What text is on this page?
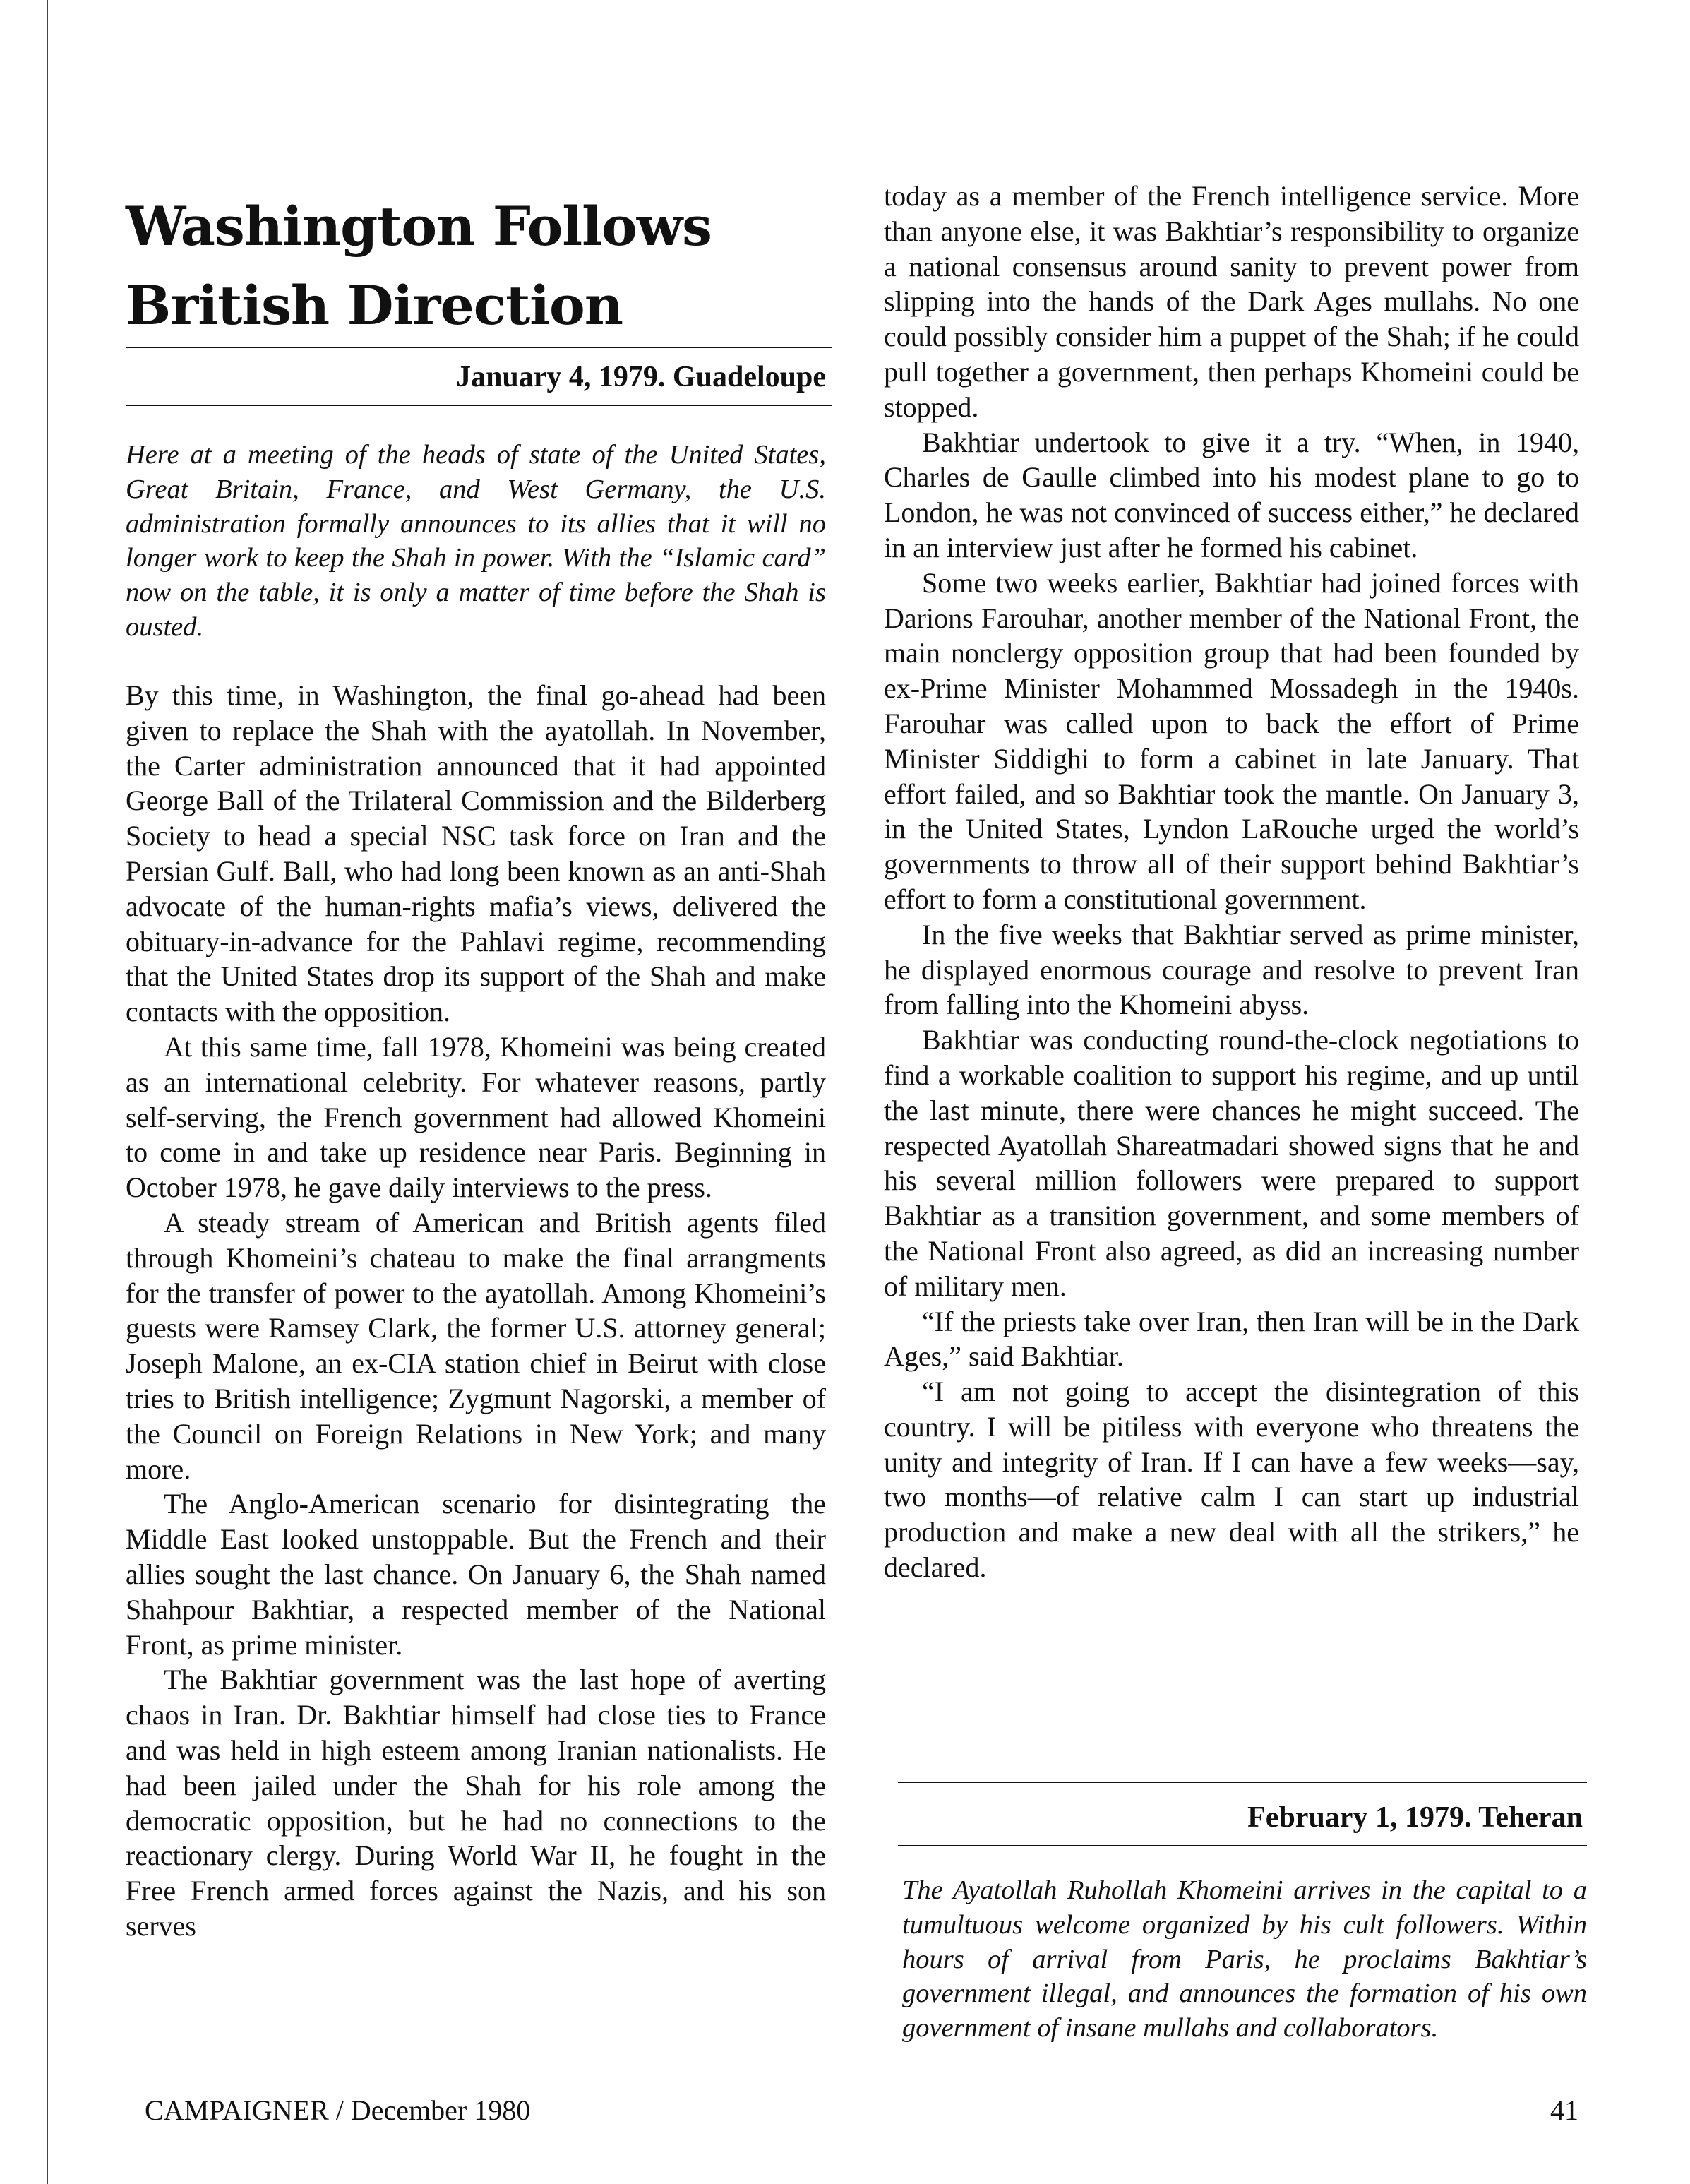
Washington Follows
British Direction

January 4, 1979. Guadeloupe

Here at a meeting of the heads of state of the United States, Great Britain, France, and West Germany, the U.S. administration formally announces to its allies that it will no longer work to keep the Shah in power. With the “Islamic card” now on the table, it is only a matter of time before the Shah is ousted.

By this time, in Washington, the final go-ahead had been given to replace the Shah with the ayatollah. In November, the Carter administration announced that it had appointed George Ball of the Trilateral Commission and the Bilderberg Society to head a special NSC task force on Iran and the Persian Gulf. Ball, who had long been known as an anti-Shah advocate of the human-rights mafia’s views, delivered the obituary-in-advance for the Pahlavi regime, recommending that the United States drop its support of the Shah and make contacts with the opposition.

At this same time, fall 1978, Khomeini was being created as an international celebrity. For whatever reasons, partly self-serving, the French government had allowed Khomeini to come in and take up residence near Paris. Beginning in October 1978, he gave daily interviews to the press.

A steady stream of American and British agents filed through Khomeini’s chateau to make the final arrangments for the transfer of power to the ayatollah. Among Khomeini’s guests were Ramsey Clark, the former U.S. attorney general; Joseph Malone, an ex-CIA station chief in Beirut with close tries to British intelligence; Zygmunt Nagorski, a member of the Council on Foreign Relations in New York; and many more.

The Anglo-American scenario for disintegrating the Middle East looked unstoppable. But the French and their allies sought the last chance. On January 6, the Shah named Shahpour Bakhtiar, a respected member of the National Front, as prime minister.

The Bakhtiar government was the last hope of averting chaos in Iran. Dr. Bakhtiar himself had close ties to France and was held in high esteem among Iranian nationalists. He had been jailed under the Shah for his role among the democratic opposition, but he had no connections to the reactionary clergy. During World War II, he fought in the Free French armed forces against the Nazis, and his son serves

today as a member of the French intelligence service. More than anyone else, it was Bakhtiar’s responsibility to organize a national consensus around sanity to prevent power from slipping into the hands of the Dark Ages mullahs. No one could possibly consider him a puppet of the Shah; if he could pull together a government, then perhaps Khomeini could be stopped.

Bakhtiar undertook to give it a try. “When, in 1940, Charles de Gaulle climbed into his modest plane to go to London, he was not convinced of success either,” he declared in an interview just after he formed his cabinet.

Some two weeks earlier, Bakhtiar had joined forces with Darions Farouhar, another member of the National Front, the main nonclergy opposition group that had been founded by ex-Prime Minister Mohammed Mossadegh in the 1940s. Farouhar was called upon to back the effort of Prime Minister Siddighi to form a cabinet in late January. That effort failed, and so Bakhtiar took the mantle. On January 3, in the United States, Lyndon LaRouche urged the world’s governments to throw all of their support behind Bakhtiar’s effort to form a constitutional government.

In the five weeks that Bakhtiar served as prime minister, he displayed enormous courage and resolve to prevent Iran from falling into the Khomeini abyss.

Bakhtiar was conducting round-the-clock negotiations to find a workable coalition to support his regime, and up until the last minute, there were chances he might succeed. The respected Ayatollah Shareatmadari showed signs that he and his several million followers were prepared to support Bakhtiar as a transition government, and some members of the National Front also agreed, as did an increasing number of military men.

“If the priests take over Iran, then Iran will be in the Dark Ages,” said Bakhtiar.

“I am not going to accept the disintegration of this country. I will be pitiless with everyone who threatens the unity and integrity of Iran. If I can have a few weeks—say, two months—of relative calm I can start up industrial production and make a new deal with all the strikers,” he declared.

February 1, 1979. Teheran

The Ayatollah Ruhollah Khomeini arrives in the capital to a tumultuous welcome organized by his cult followers. Within hours of arrival from Paris, he proclaims Bakhtiar’s government illegal, and announces the formation of his own government of insane mullahs and collaborators.

CAMPAIGNER / December 1980	41
